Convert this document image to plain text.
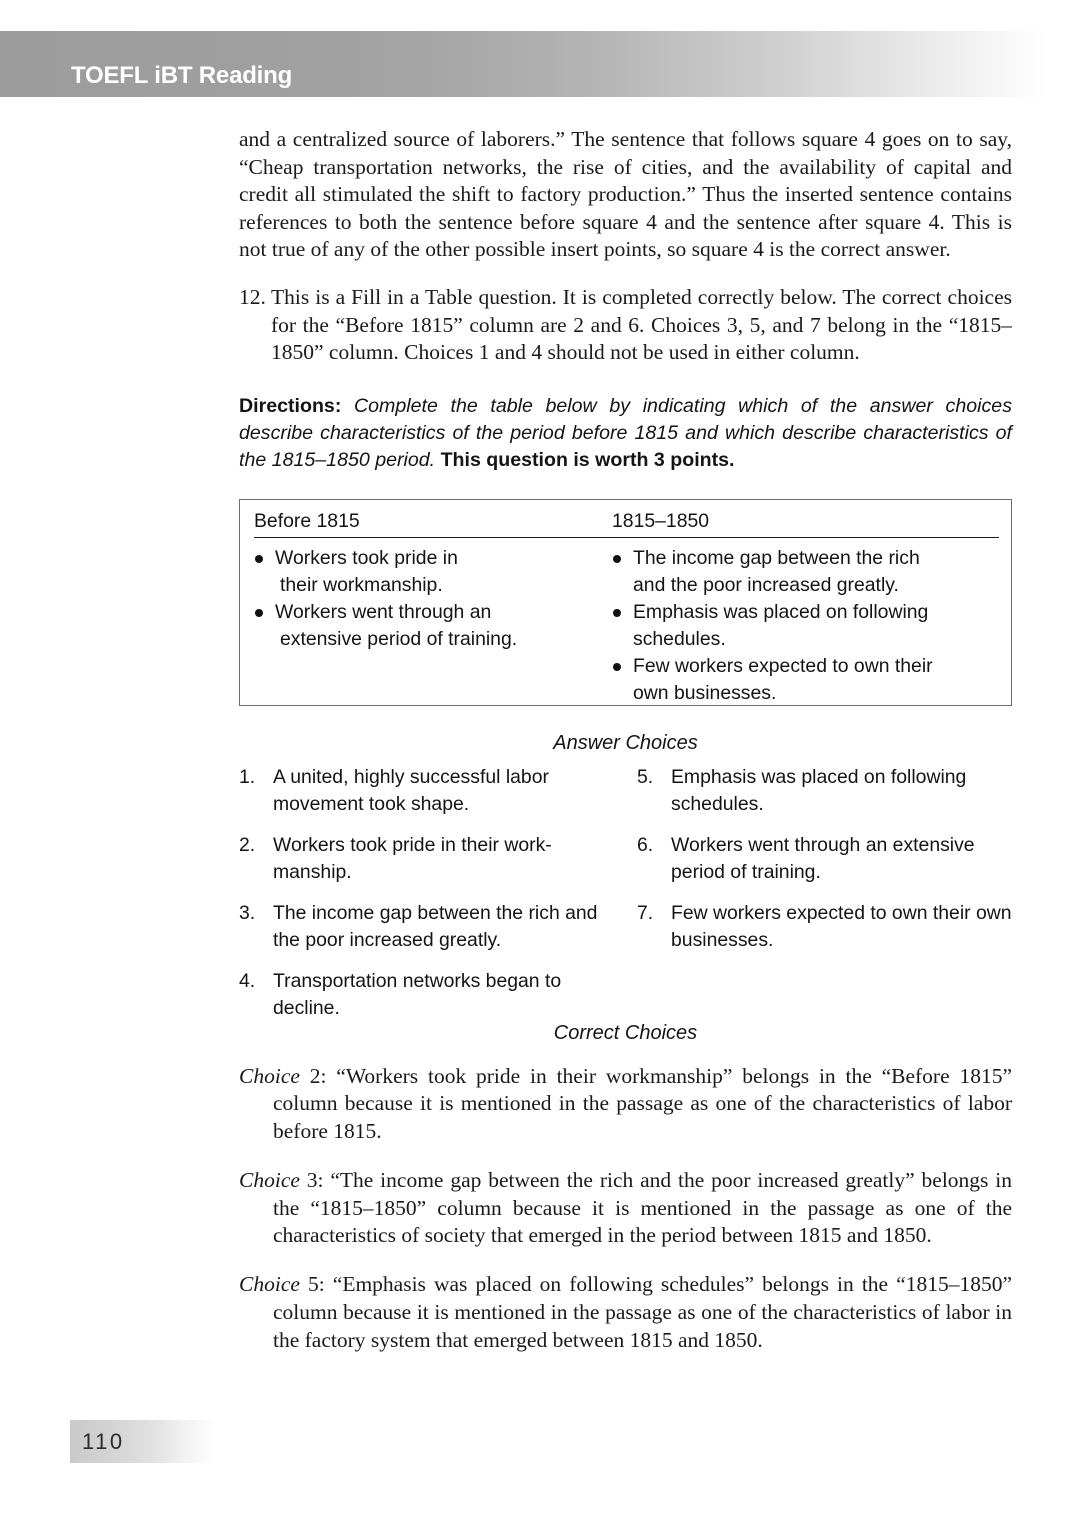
TOEFL iBT Reading

and a centralized source of laborers.” The sentence that follows square 4 goes on to say, “Cheap transportation networks, the rise of cities, and the availability of capital and credit all stimulated the shift to factory production.” Thus the inserted sentence contains references to both the sentence before square 4 and the sentence after square 4. This is not true of any of the other possible insert points, so square 4 is the correct answer.

12. This is a Fill in a Table question. It is completed correctly below. The correct choices for the “Before 1815” column are 2 and 6. Choices 3, 5, and 7 belong in the “1815–1850” column. Choices 1 and 4 should not be used in either column.

Directions: Complete the table below by indicating which of the answer choices describe characteristics of the period before 1815 and which describe characteristics of the 1815–1850 period. This question is worth 3 points.

Before 1815	1815–1850
Workers took pride in
their workmanship.
Workers went through an
extensive period of training.
The income gap between the rich
and the poor increased greatly.
Emphasis was placed on following
schedules.
Few workers expected to own their
own businesses.
Answer Choices
1. A united, highly successful labor movement took shape.
2. Workers took pride in their work-manship.
3. The income gap between the rich and the poor increased greatly.
4. Transportation networks began to decline.
5. Emphasis was placed on following schedules.
6. Workers went through an extensive period of training.
7. Few workers expected to own their own businesses.
Correct Choices

Choice 2: “Workers took pride in their workmanship” belongs in the “Before 1815” column because it is mentioned in the passage as one of the characteristics of labor before 1815.

Choice 3: “The income gap between the rich and the poor increased greatly” belongs in the “1815–1850” column because it is mentioned in the passage as one of the characteristics of society that emerged in the period between 1815 and 1850.

Choice 5: “Emphasis was placed on following schedules” belongs in the “1815–1850” column because it is mentioned in the passage as one of the characteristics of labor in the factory system that emerged between 1815 and 1850.

110
